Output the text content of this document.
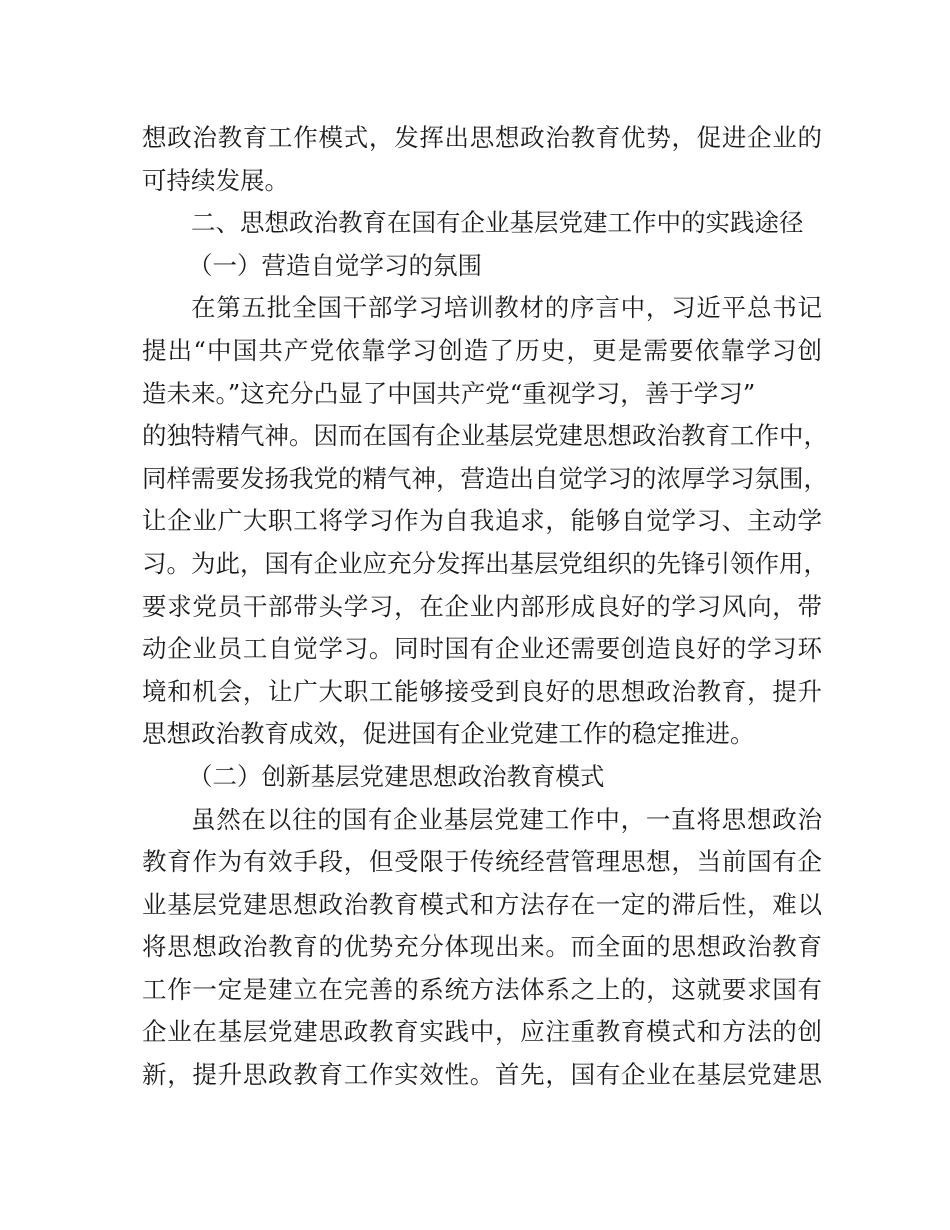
想政治教育工作模式，发挥出思想政治教育优势，促进企业的
可持续发展。
二、思想政治教育在国有企业基层党建工作中的实践途径
（一）营造自觉学习的氛围
在第五批全国干部学习培训教材的序言中，习近平总书记
提出“中国共产党依靠学习创造了历史，更是需要依靠学习创
造未来。”这充分凸显了中国共产党“重视学习，善于学习”
的独特精气神。因而在国有企业基层党建思想政治教育工作中，
同样需要发扬我党的精气神，营造出自觉学习的浓厚学习氛围，
让企业广大职工将学习作为自我追求，能够自觉学习、主动学
习。为此，国有企业应充分发挥出基层党组织的先锋引领作用，
要求党员干部带头学习，在企业内部形成良好的学习风向，带
动企业员工自觉学习。同时国有企业还需要创造良好的学习环
境和机会，让广大职工能够接受到良好的思想政治教育，提升
思想政治教育成效，促进国有企业党建工作的稳定推进。
（二）创新基层党建思想政治教育模式
虽然在以往的国有企业基层党建工作中，一直将思想政治
教育作为有效手段，但受限于传统经营管理思想，当前国有企
业基层党建思想政治教育模式和方法存在一定的滞后性，难以
将思想政治教育的优势充分体现出来。而全面的思想政治教育
工作一定是建立在完善的系统方法体系之上的，这就要求国有
企业在基层党建思政教育实践中，应注重教育模式和方法的创
新，提升思政教育工作实效性。首先，国有企业在基层党建思
